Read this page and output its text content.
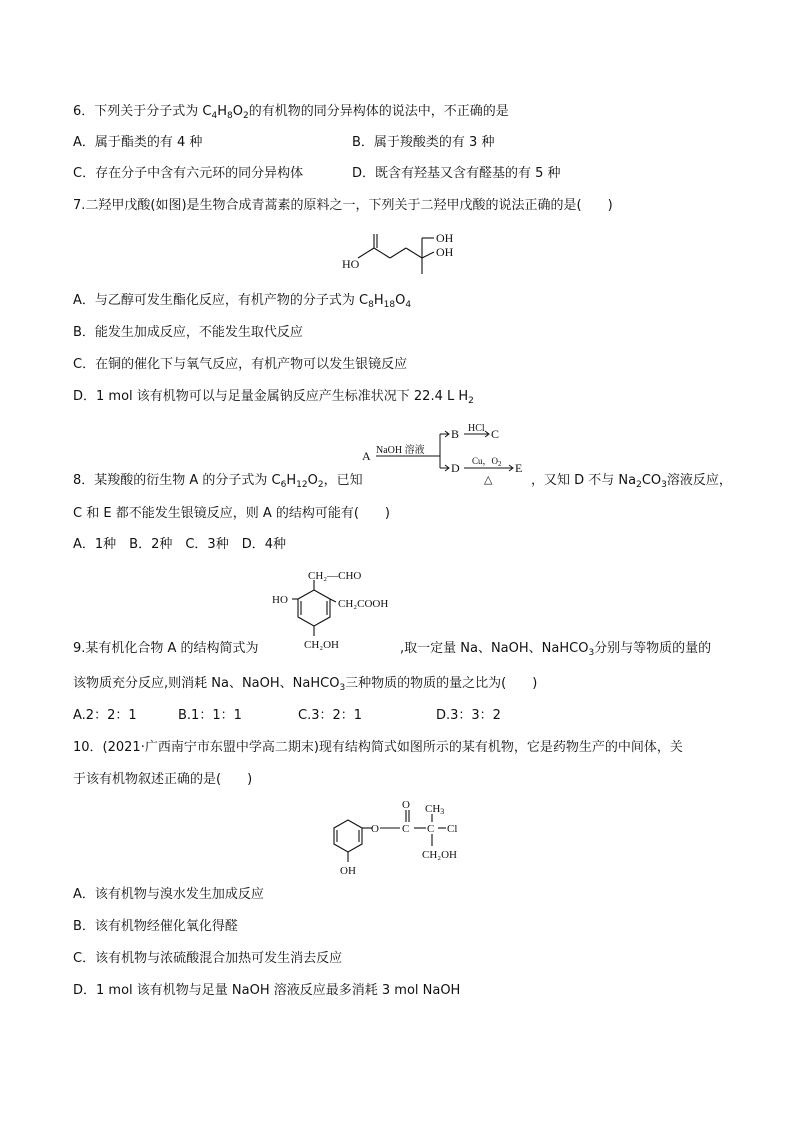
6．下列关于分子式为 $C_4H_8O_2$的有机物的同分异构体的说法中，不正确的是
A．属于酯类的有 4 种	B．属于羧酸类的有 3 种
C．存在分子中含有六元环的同分异构体	D．既含有羟基又含有醛基的有 5 种
7.二羟甲戊酸(如图)是生物合成青蒿素的原料之一，下列关于二羟甲戊酸的说法正确的是(　　)
HO
OH
OH
A．与乙醇可发生酯化反应，有机产物的分子式为 $C_8H_{18}O_4$
B．能发生加成反应，不能发生取代反应
C．在铜的催化下与氧气反应，有机产物可以发生银镜反应
D．1 mol 该有机物可以与足量金属钠反应产生标准状况下 22.4 L $H_2$
A NaOH 溶液
B HCl C
D Cu，$O_2$
△
E
8．某羧酸的衍生物 A 的分子式为 $C_6H_{12}O_2$，已知	，又知 D 不与 $Na_2CO_3$溶液反应，
C 和 E 都不能发生银镜反应，则 A 的结构可能有(　　)
A．1种　B．2种　C．3种　D．4种
CH₂—CHO
HO	CH₂COOH
CH₂OH
9.某有机化合物 A 的结构简式为	,取一定量 Na、NaOH、NaHCO$_3$分别与等物质的量的
该物质充分反应,则消耗 Na、NaOH、NaHCO$_3$三种物质的物质的量之比为(　　)
A.2：2：1	B.1：1：1	C.3：2：1	D.3：3：2
10．(2021·广西南宁市东盟中学高二期末)现有结构简式如图所示的某有机物，它是药物生产的中间体，关
于该有机物叙述正确的是(　　)
O
O
C C
CH3
Cl
CH₂OH
OH
A．该有机物与溴水发生加成反应
B．该有机物经催化氧化得醛
C．该有机物与浓硫酸混合加热可发生消去反应
D．1 mol 该有机物与足量 NaOH 溶液反应最多消耗 3 mol NaOH
